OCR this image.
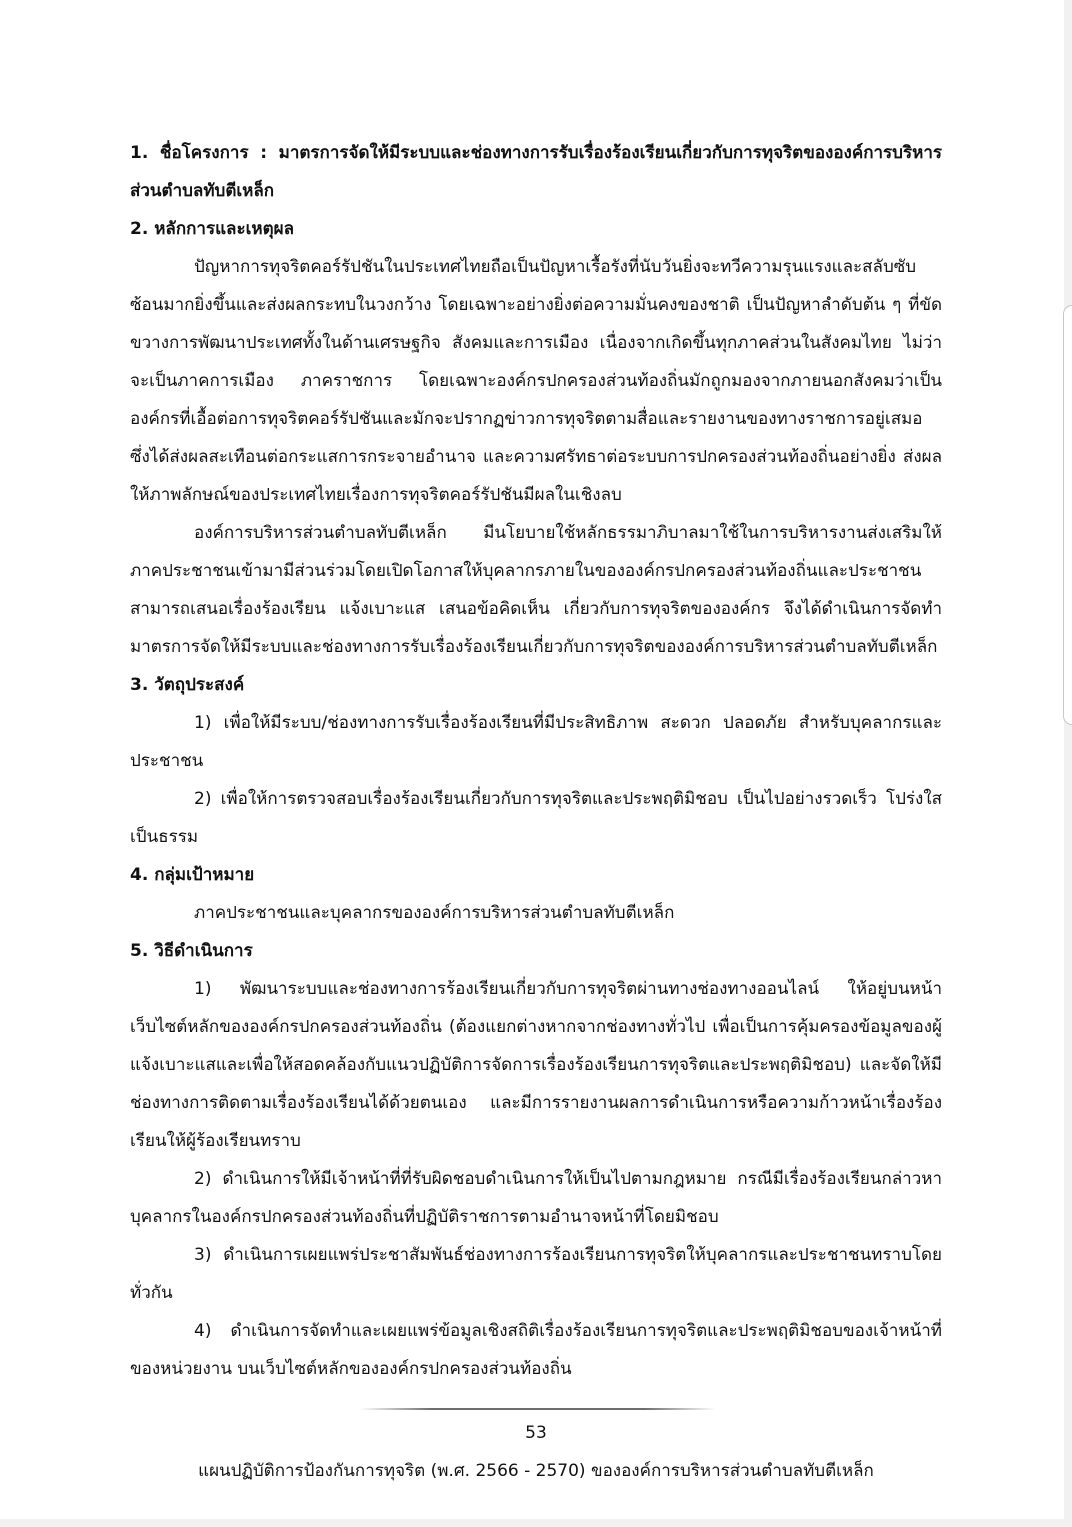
1. ชื่อโครงการ : มาตรการจัดให้มีระบบและช่องทางการรับเรื่องร้องเรียนเกี่ยวกับการทุจริตขององค์การบริหารส่วนตำบลทับตีเหล็ก

2. หลักการและเหตุผล

ปัญหาการทุจริตคอร์รัปชันในประเทศไทยถือเป็นปัญหาเรื้อรังที่นับวันยิ่งจะทวีความรุนแรงและสลับซับซ้อนมากยิ่งขึ้นและส่งผลกระทบในวงกว้าง โดยเฉพาะอย่างยิ่งต่อความมั่นคงของชาติ เป็นปัญหาลำดับต้น ๆ ที่ขัดขวางการพัฒนาประเทศทั้งในด้านเศรษฐกิจ สังคมและการเมือง เนื่องจากเกิดขึ้นทุกภาคส่วนในสังคมไทย ไม่ว่าจะเป็นภาคการเมือง ภาคราชการ โดยเฉพาะองค์กรปกครองส่วนท้องถิ่นมักถูกมองจากภายนอกสังคมว่าเป็นองค์กรที่เอื้อต่อการทุจริตคอร์รัปชันและมักจะปรากฏข่าวการทุจริตตามสื่อและรายงานของทางราชการอยู่เสมอ ซึ่งได้ส่งผลสะเทือนต่อกระแสการกระจายอำนาจ และความศรัทธาต่อระบบการปกครองส่วนท้องถิ่นอย่างยิ่ง ส่งผลให้ภาพลักษณ์ของประเทศไทยเรื่องการทุจริตคอร์รัปชันมีผลในเชิงลบ

องค์การบริหารส่วนตำบลทับตีเหล็ก มีนโยบายใช้หลักธรรมาภิบาลมาใช้ในการบริหารงานส่งเสริมให้ภาคประชาชนเข้ามามีส่วนร่วมโดยเปิดโอกาสให้บุคลากรภายในขององค์กรปกครองส่วนท้องถิ่นและประชาชนสามารถเสนอเรื่องร้องเรียน แจ้งเบาะแส เสนอข้อคิดเห็น เกี่ยวกับการทุจริตขององค์กร จึงได้ดำเนินการจัดทำมาตรการจัดให้มีระบบและช่องทางการรับเรื่องร้องเรียนเกี่ยวกับการทุจริตขององค์การบริหารส่วนตำบลทับตีเหล็ก

3. วัตถุประสงค์

1) เพื่อให้มีระบบ/ช่องทางการรับเรื่องร้องเรียนที่มีประสิทธิภาพ สะดวก ปลอดภัย สำหรับบุคลากรและประชาชน

2) เพื่อให้การตรวจสอบเรื่องร้องเรียนเกี่ยวกับการทุจริตและประพฤติมิชอบ เป็นไปอย่างรวดเร็ว โปร่งใส เป็นธรรม

4. กลุ่มเป้าหมาย

ภาคประชาชนและบุคลากรขององค์การบริหารส่วนตำบลทับตีเหล็ก

5. วิธีดำเนินการ

1) พัฒนาระบบและช่องทางการร้องเรียนเกี่ยวกับการทุจริตผ่านทางช่องทางออนไลน์ ให้อยู่บนหน้าเว็บไซต์หลักขององค์กรปกครองส่วนท้องถิ่น (ต้องแยกต่างหากจากช่องทางทั่วไป เพื่อเป็นการคุ้มครองข้อมูลของผู้แจ้งเบาะแสและเพื่อให้สอดคล้องกับแนวปฏิบัติการจัดการเรื่องร้องเรียนการทุจริตและประพฤติมิชอบ) และจัดให้มีช่องทางการติดตามเรื่องร้องเรียนได้ด้วยตนเอง และมีการรายงานผลการดำเนินการหรือความก้าวหน้าเรื่องร้องเรียนให้ผู้ร้องเรียนทราบ

2) ดำเนินการให้มีเจ้าหน้าที่ที่รับผิดชอบดำเนินการให้เป็นไปตามกฎหมาย กรณีมีเรื่องร้องเรียนกล่าวหาบุคลากรในองค์กรปกครองส่วนท้องถิ่นที่ปฏิบัติราชการตามอำนาจหน้าที่โดยมิชอบ

3) ดำเนินการเผยแพร่ประชาสัมพันธ์ช่องทางการร้องเรียนการทุจริตให้บุคลากรและประชาชนทราบโดยทั่วกัน

4) ดำเนินการจัดทำและเผยแพร่ข้อมูลเชิงสถิติเรื่องร้องเรียนการทุจริตและประพฤติมิชอบของเจ้าหน้าที่ของหน่วยงาน บนเว็บไซต์หลักขององค์กรปกครองส่วนท้องถิ่น

53
แผนปฏิบัติการป้องกันการทุจริต (พ.ศ. 2566 - 2570) ขององค์การบริหารส่วนตำบลทับตีเหล็ก
